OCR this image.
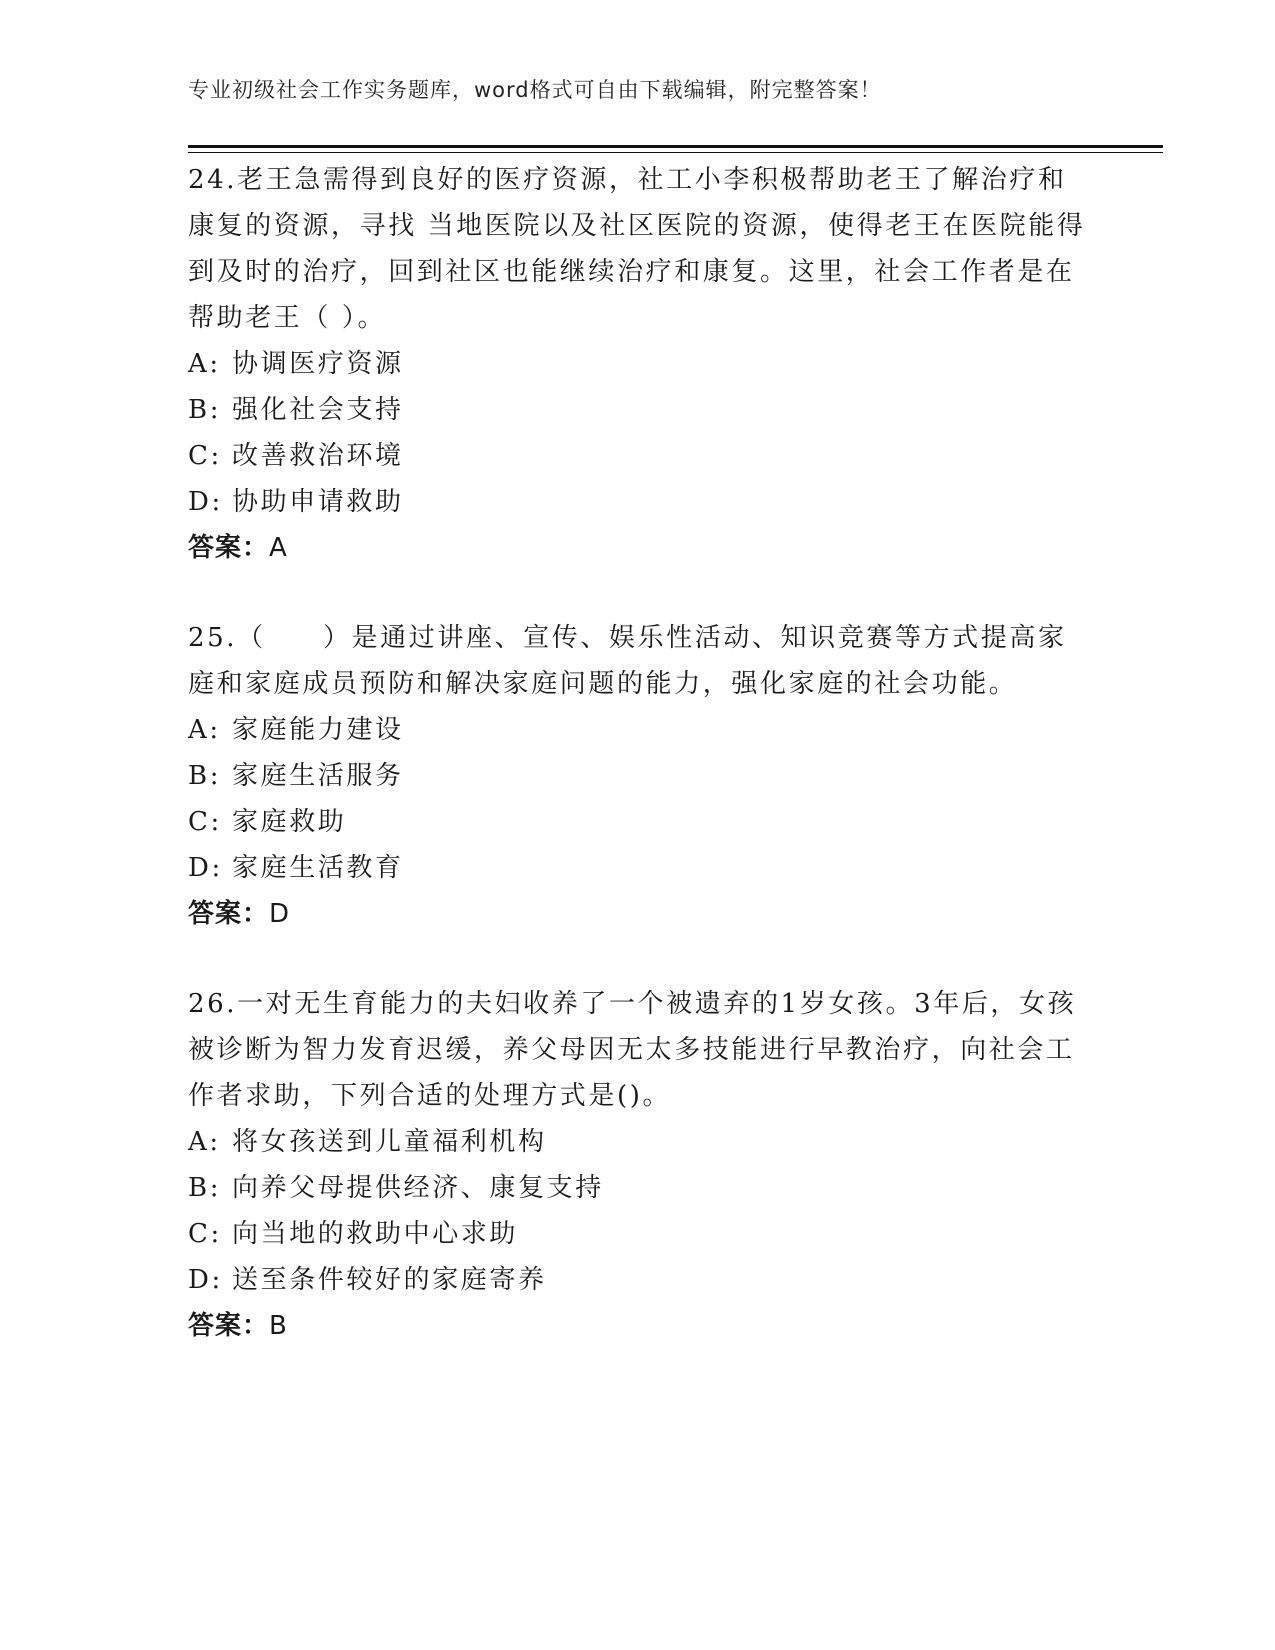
专业初级社会工作实务题库，word格式可自由下载编辑，附完整答案！

24.老王急需得到良好的医疗资源，社工小李积极帮助老王了解治疗和康复的资源，寻找 当地医院以及社区医院的资源，使得老王在医院能得到及时的治疗，回到社区也能继续治疗和康复。这里，社会工作者是在帮助老王（ ）。

A: 协调医疗资源

B: 强化社会支持

C: 改善救治环境

D: 协助申请救助

答案：A

25.（　　）是通过讲座、宣传、娱乐性活动、知识竞赛等方式提高家庭和家庭成员预防和解决家庭问题的能力，强化家庭的社会功能。

A: 家庭能力建设

B: 家庭生活服务

C: 家庭救助

D: 家庭生活教育

答案：D

26.一对无生育能力的夫妇收养了一个被遗弃的1岁女孩。3年后，女孩被诊断为智力发育迟缓，养父母因无太多技能进行早教治疗，向社会工作者求助，下列合适的处理方式是()。

A: 将女孩送到儿童福利机构

B: 向养父母提供经济、康复支持

C: 向当地的救助中心求助

D: 送至条件较好的家庭寄养

答案：B
